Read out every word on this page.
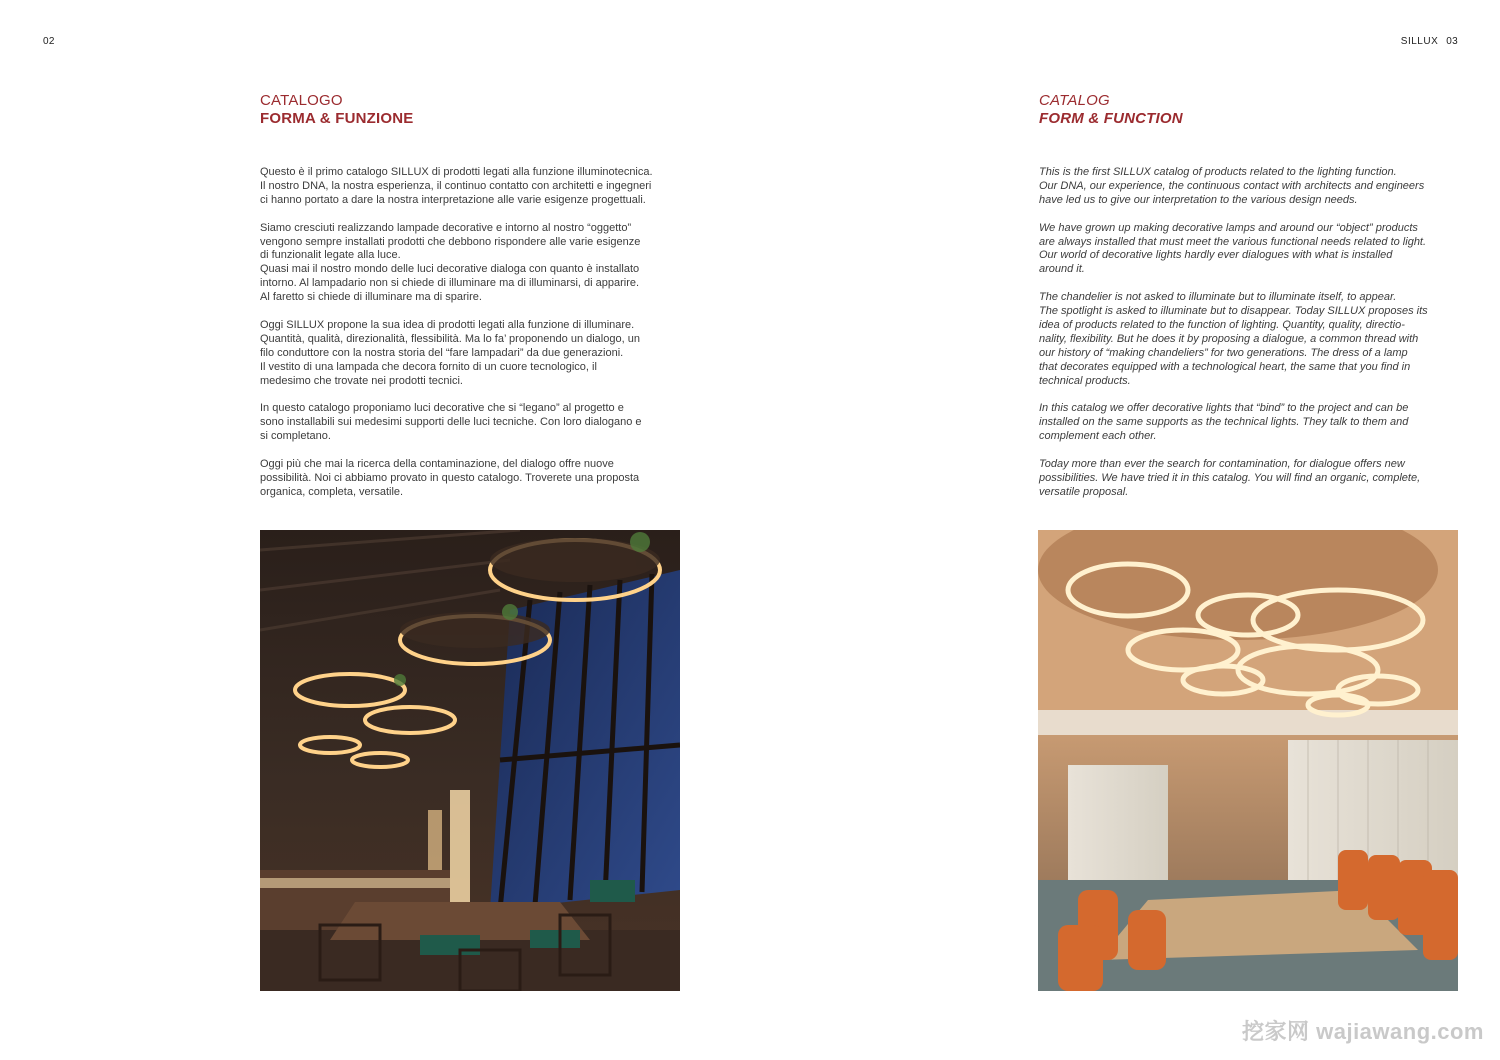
02	SILLUX 03
CATALOGO
FORMA & FUNZIONE

Questo è il primo catalogo SILLUX di prodotti legati alla funzione illuminotecnica.
Il nostro DNA, la nostra esperienza, il continuo contatto con architetti e ingegneri
ci hanno portato a dare la nostra interpretazione alle varie esigenze progettuali.

Siamo cresciuti realizzando lampade decorative e intorno al nostro “oggetto”
vengono sempre installati prodotti che debbono rispondere alle varie esigenze
di funzionalit legate alla luce.
Quasi mai il nostro mondo delle luci decorative dialoga con quanto è installato
intorno. Al lampadario non si chiede di illuminare ma di illuminarsi, di apparire.
Al faretto si chiede di illuminare ma di sparire.

Oggi SILLUX propone la sua idea di prodotti legati alla funzione di illuminare.
Quantità, qualità, direzionalità, flessibilità. Ma lo fa’ proponendo un dialogo, un
filo conduttore con la nostra storia del “fare lampadari” da due generazioni.
Il vestito di una lampada che decora fornito di un cuore tecnologico, il
medesimo che trovate nei prodotti tecnici.

In questo catalogo proponiamo luci decorative che si “legano” al progetto e
sono installabili sui medesimi supporti delle luci tecniche. Con loro dialogano e
si completano.

Oggi più che mai la ricerca della contaminazione, del dialogo offre nuove
possibilità. Noi ci abbiamo provato in questo catalogo. Troverete una proposta
organica, completa, versatile.

CATALOG
FORM & FUNCTION

This is the first SILLUX catalog of products related to the lighting function.
Our DNA, our experience, the continuous contact with architects and engineers
have led us to give our interpretation to the various design needs.

We have grown up making decorative lamps and around our “object” products
are always installed that must meet the various functional needs related to light.
Our world of decorative lights hardly ever dialogues with what is installed
around it.

The chandelier is not asked to illuminate but to illuminate itself, to appear.
The spotlight is asked to illuminate but to disappear. Today SILLUX proposes its
idea of products related to the function of lighting. Quantity, quality, directio-
nality, flexibility. But he does it by proposing a dialogue, a common thread with
our history of “making chandeliers” for two generations. The dress of a lamp
that decorates equipped with a technological heart, the same that you find in
technical products.

In this catalog we offer decorative lights that “bind” to the project and can be
installed on the same supports as the technical lights. They talk to them and
complement each other.

Today more than ever the search for contamination, for dialogue offers new
possibilities. We have tried it in this catalog. You will find an organic, complete,
versatile proposal.

挖家网 wajiawang.com
